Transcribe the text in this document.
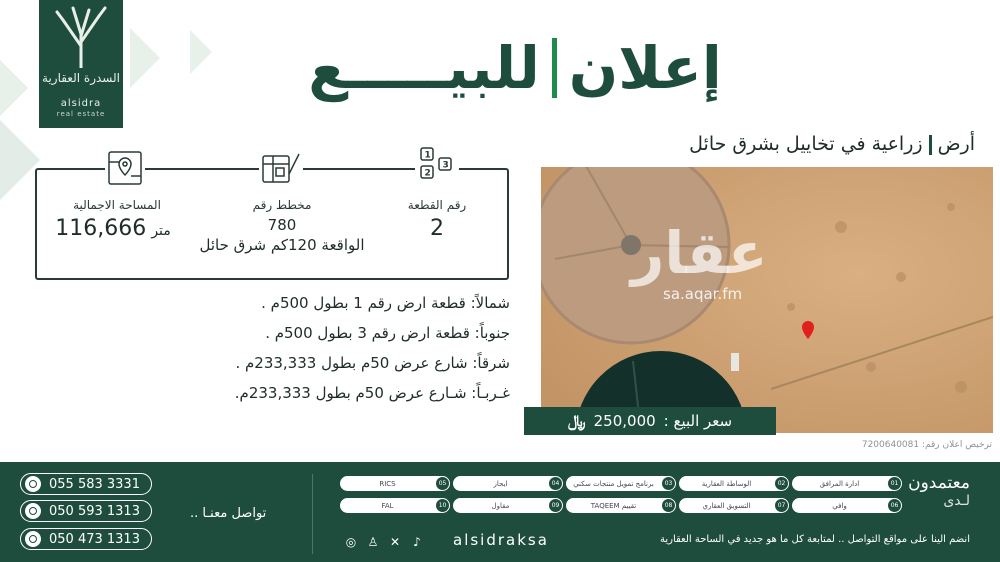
السدرة العقارية
alsidra
real estate
إعلان
للبيـــــع
أرضزراعية في تخاييل بشرق حائل
1
2
3
رقم القطعة
2
مخطط رقم
780
الواقعة 120كم شرق حائل
المساحة الاجمالية
متر 116,666
شمالاً: قطعة ارض رقم 1 بطول 500م .
جنوباً: قطعة ارض رقم 3 بطول 500م .
شرقاً: شارع عرض 50م بطول 233,333م .
غـربـاً: شـارع عرض 50م بطول 233,333م.
عقار
sa.aqar.fm
سعر البيع :
250,000
﷼
ترخيص اعلان رقم: 7200640081
055 583 3331
050 593 1313
050 473 1313
تواصل معنـا ..
01
ادارة المرافق
02
الوساطة العقارية
03
برنامج تمويل منتجات سكني
04
ايجار
05
RICS
06
وافي
07
التسويق العقاري
08
تقييم TAQEEM
09
مقاول
10
FAL
معتمدون
لـدى
◎ ♙ ✕	♪ alsidraksa	انضم الينا على مواقع التواصل .. لمتابعة كل ما هو جديد في الساحة العقارية
